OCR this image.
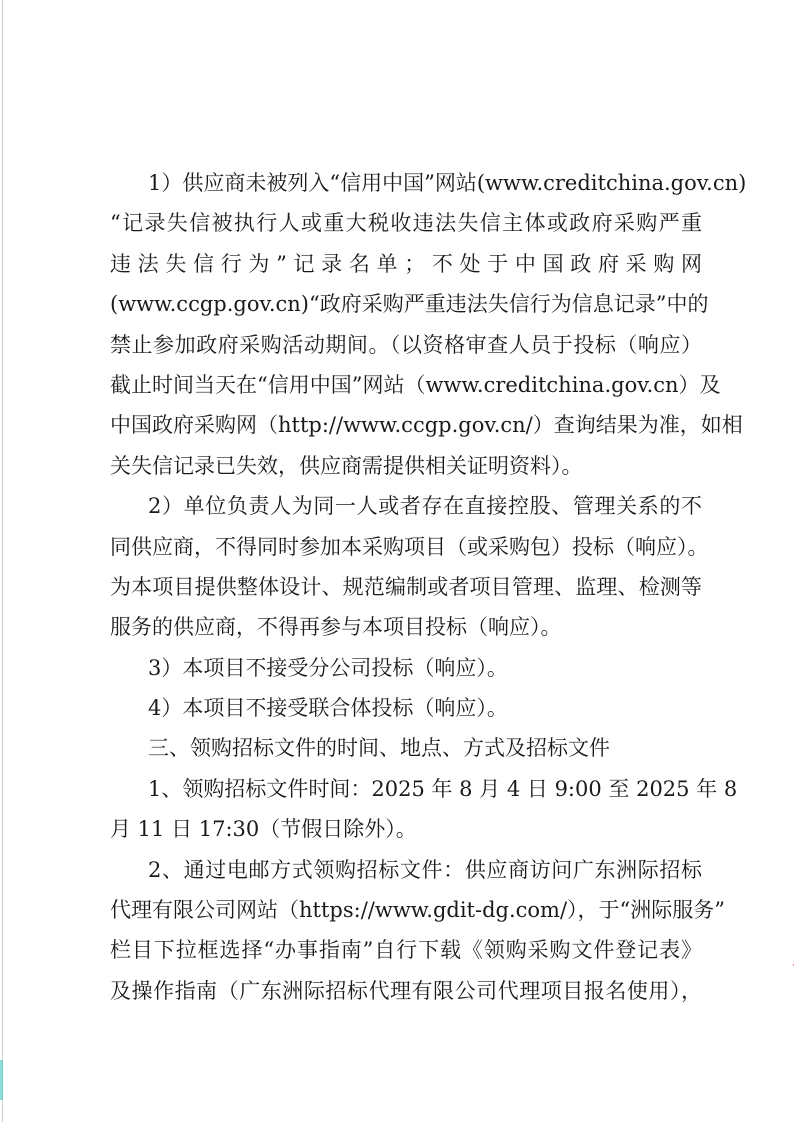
1）供应商未被列入“信用中国”网站(www.creditchina.gov.cn)
“记录失信被执行人或重大税收违法失信主体或政府采购严重
违法失信行为”记录名单；不处于中国政府采购网
(www.ccgp.gov.cn)“政府采购严重违法失信行为信息记录”中的
禁止参加政府采购活动期间。（以资格审查人员于投标（响应）
截止时间当天在“信用中国”网站（www.creditchina.gov.cn）及
中国政府采购网（http://www.ccgp.gov.cn/）查询结果为准，如相
关失信记录已失效，供应商需提供相关证明资料）。
2）单位负责人为同一人或者存在直接控股、管理关系的不
同供应商，不得同时参加本采购项目（或采购包）投标（响应）。
为本项目提供整体设计、规范编制或者项目管理、监理、检测等
服务的供应商，不得再参与本项目投标（响应）。
3）本项目不接受分公司投标（响应）。
4）本项目不接受联合体投标（响应）。
三、领购招标文件的时间、地点、方式及招标文件
1、领购招标文件时间：2025 年 8 月 4 日 9:00 至 2025 年 8
月 11 日 17:30（节假日除外）。
2、通过电邮方式领购招标文件：供应商访问广东洲际招标
代理有限公司网站（https://www.gdit-dg.com/），于“洲际服务”
栏目下拉框选择“办事指南”自行下载《领购采购文件登记表》
及操作指南（广东洲际招标代理有限公司代理项目报名使用），
